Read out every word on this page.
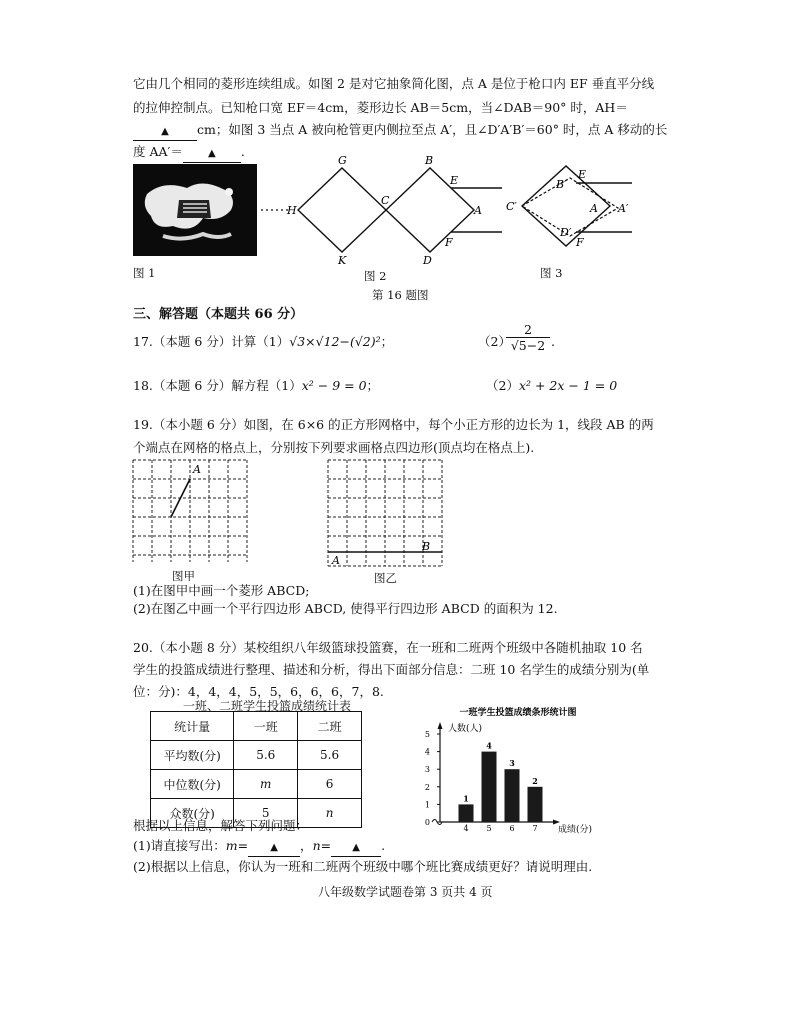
它由几个相同的菱形连续组成。如图 2 是对它抽象简化图，点 A 是位于枪口内 EF 垂直平分线
的拉伸控制点。已知枪口宽 EF＝4cm，菱形边长 AB＝5cm，当∠DAB＝90° 时，AH＝
▲ cm；如图 3 当点 A 被向枪管更内侧拉至点 A′，且∠D′A′B′＝60° 时，点 A 移动的长
度 AA′＝	▲ .
图 1
G	B
E
H
C
A
K	D
F
图 2
B′
E
C′	A A′
D′
F
图 3
第 16 题图
三、解答题（本题共 66 分）
17.（本题 6 分）计算（1）√3×√12−(√2)²；	（2）
$\frac{2}{√5-2}$ .
18.（本题 6 分）解方程（1）x² − 9 = 0；	（2）x² + 2x − 1 = 0
19.（本小题 6 分）如图，在 6×6 的正方形网格中，每个小正方形的边长为 1，线段 AB 的两
个端点在网格的格点上，分别按下列要求画格点四边形(顶点均在格点上).
A
图甲
A
B
图乙
(1)在图甲中画一个菱形 ABCD;
(2)在图乙中画一个平行四边形 ABCD, 使得平行四边形 ABCD 的面积为 12.
20.（本小题 8 分）某校组织八年级篮球投篮赛，在一班和二班两个班级中各随机抽取 10 名
学生的投篮成绩进行整理、描述和分析，得出下面部分信息：二班 10 名学生的成绩分别为(单
位：分)：4，4，4，5，5，6，6，6，7，8.
一班、二班学生投篮成绩统计表
统计量	一班	二班
平均数(分)	5.6	5.6
中位数(分)	m	6
众数(分)	5	n
一班学生投篮成绩条形统计图
人数(人)
成绩(分)
0
1
2
3
4
5
1
4
4
5
3
6
2
7
根据以上信息，解答下列问题：
(1)请直接写出：m= ▲ ，n= ▲ .
(2)根据以上信息，你认为一班和二班两个班级中哪个班比赛成绩更好？请说明理由.
八年级数学试题卷第 3 页共 4 页
